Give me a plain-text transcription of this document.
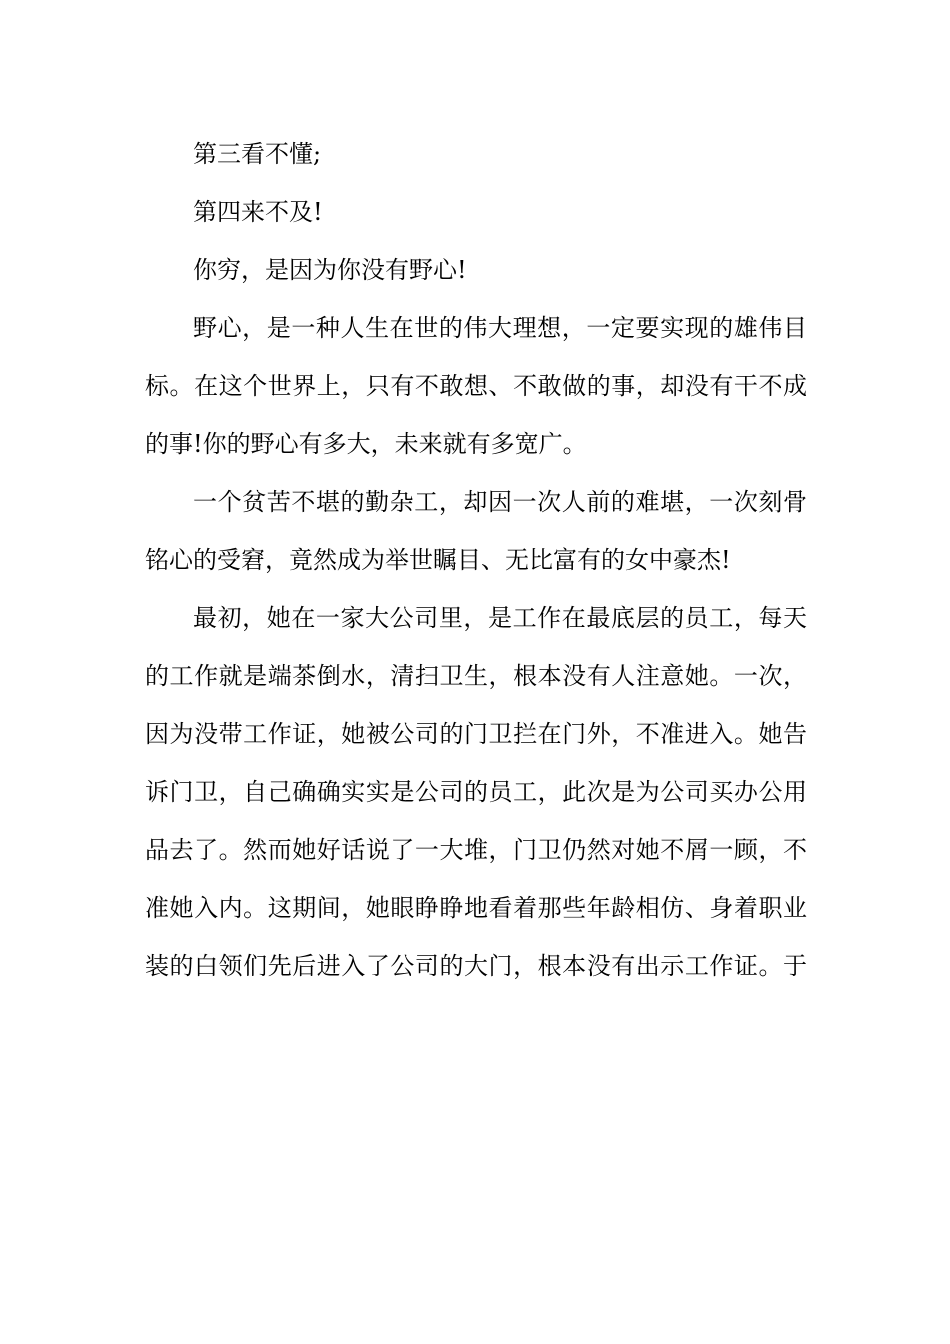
第三看不懂;
第四来不及!
你穷，是因为你没有野心!
野心，是一种人生在世的伟大理想，一定要实现的雄伟目
标。在这个世界上，只有不敢想、不敢做的事，却没有干不成
的事!你的野心有多大，未来就有多宽广。
一个贫苦不堪的勤杂工，却因一次人前的难堪，一次刻骨
铭心的受窘，竟然成为举世瞩目、无比富有的女中豪杰!
最初，她在一家大公司里，是工作在最底层的员工，每天
的工作就是端茶倒水，清扫卫生，根本没有人注意她。一次，
因为没带工作证，她被公司的门卫拦在门外，不准进入。她告
诉门卫，自己确确实实是公司的员工，此次是为公司买办公用
品去了。然而她好话说了一大堆，门卫仍然对她不屑一顾，不
准她入内。这期间，她眼睁睁地看着那些年龄相仿、身着职业
装的白领们先后进入了公司的大门，根本没有出示工作证。于
